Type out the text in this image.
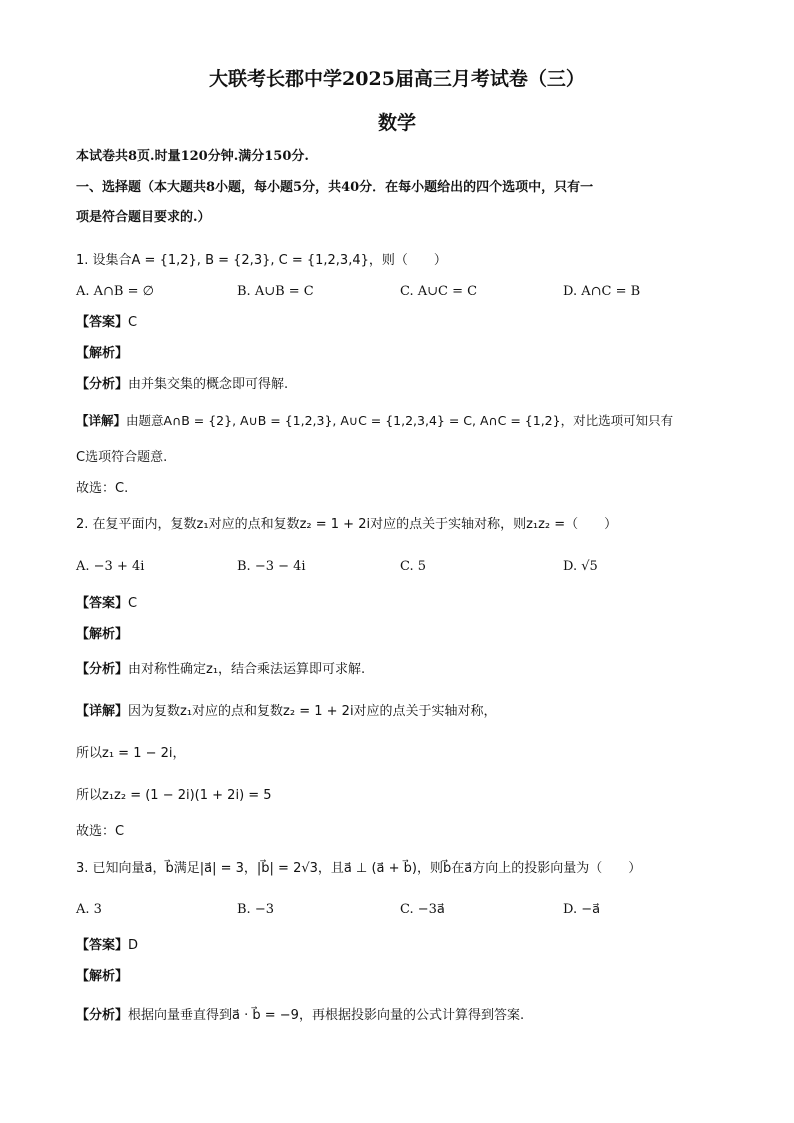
大联考长郡中学2025届高三月考试卷（三）
数学
本试卷共8页.时量120分钟.满分150分.
一、选择题（本大题共8小题，每小题5分，共40分．在每小题给出的四个选项中，只有一
项是符合题目要求的.）
1. 设集合A = {1,2}, B = {2,3}, C = {1,2,3,4}，则（　　）
A. A∩B = ∅	B. A∪B = C	C. A∪C = C	D. A∩C = B
【答案】C
【解析】
【分析】由并集交集的概念即可得解.
【详解】由题意A∩B = {2}, A∪B = {1,2,3}, A∪C = {1,2,3,4} = C, A∩C = {1,2}，对比选项可知只有
C选项符合题意.
故选：C.
2. 在复平面内，复数z₁对应的点和复数z₂ = 1 + 2i对应的点关于实轴对称，则z₁z₂ =（　　）
A. −3 + 4i	B. −3 − 4i	C. 5	D. √5
【答案】C
【解析】
【分析】由对称性确定z₁，结合乘法运算即可求解.
【详解】因为复数z₁对应的点和复数z₂ = 1 + 2i对应的点关于实轴对称，
所以z₁ = 1 − 2i，
所以z₁z₂ = (1 − 2i)(1 + 2i) = 5
故选：C
3. 已知向量a⃗，b⃗满足|a⃗| = 3，|b⃗| = 2√3，且a⃗ ⊥ (a⃗ + b⃗)，则b⃗在a⃗方向上的投影向量为（　　）
A. 3	B. −3	C. −3a⃗	D. −a⃗
【答案】D
【解析】
【分析】根据向量垂直得到a⃗ · b⃗ = −9，再根据投影向量的公式计算得到答案.
